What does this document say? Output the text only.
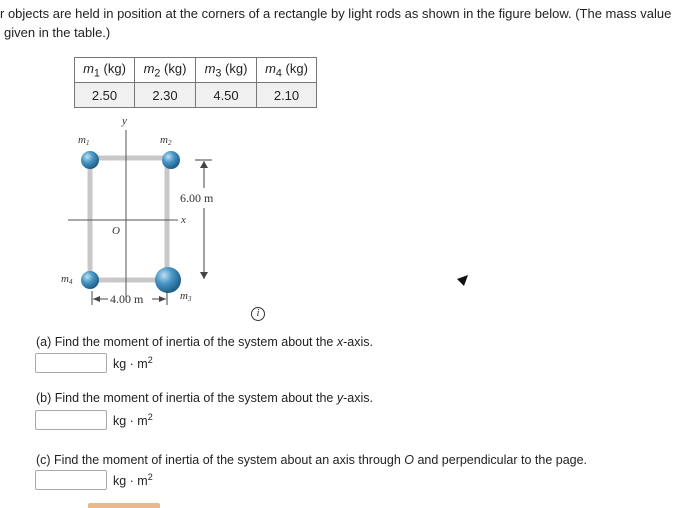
r objects are held in position at the corners of a rectangle by light rods as shown in the figure below. (The mass value
given in the table.)
$m_1$ (kg)	$m_2$ (kg)	$m_3$ (kg)	$m_4$ (kg)
2.50	2.30	4.50	2.10
y
x
O
m1	m2
m3
m4
6.00 m
4.00 m
i
(a) Find the moment of inertia of the system about the x-axis.
kg · $m^2$
(b) Find the moment of inertia of the system about the y-axis.
kg · $m^2$
(c) Find the moment of inertia of the system about an axis through O and perpendicular to the page.
kg · $m^2$
